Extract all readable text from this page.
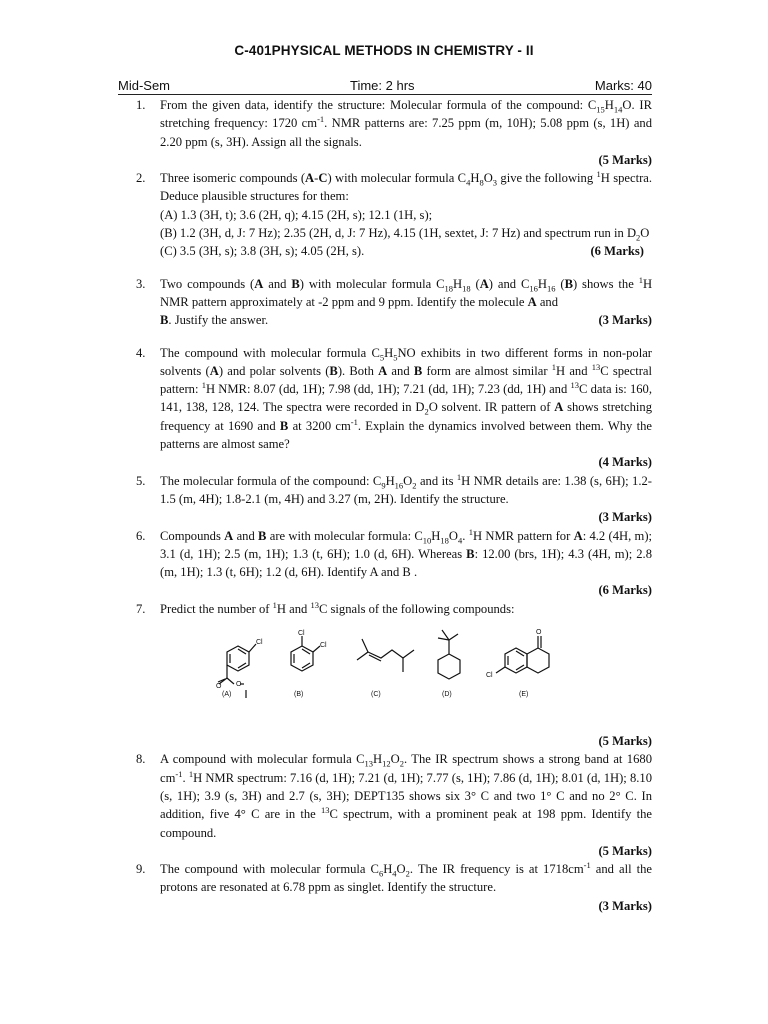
C-401PHYSICAL METHODS IN CHEMISTRY - II
Mid-Sem	Time: 2 hrs	Marks: 40
1.	From the given data, identify the structure: Molecular formula of the compound: $C_{15}H_{14}O$. IR stretching frequency: 1720 $cm^{-1}$. NMR patterns are: 7.25 ppm (m, 10H); 5.08 ppm (s, 1H) and 2.20 ppm (s, 3H). Assign all the signals.
(5 Marks)
2.	Three isomeric compounds (A-C) with molecular formula $C_4H_8O_3$ give the following $^1$H spectra. Deduce plausible structures for them:
(A) 1.3 (3H, t); 3.6 (2H, q); 4.15 (2H, s); 12.1 (1H, s);
(B) 1.2 (3H, d, J: 7 Hz); 2.35 (2H, d, J: 7 Hz), 4.15 (1H, sextet, J: 7 Hz) and spectrum run in $D_2O$
(C) 3.5 (3H, s); 3.8 (3H, s); 4.05 (2H, s).	(6 Marks)
3.	Two compounds (A and B) with molecular formula $C_{18}H_{18}$ (A) and $C_{16}H_{16}$ (B) shows the $^1$H NMR pattern approximately at -2 ppm and 9 ppm. Identify the molecule A and
B. Justify the answer.	(3 Marks)
4.	The compound with molecular formula $C_5H_5NO$ exhibits in two different forms in non-polar solvents (A) and polar solvents (B). Both A and B form are almost similar $^1$H and $^{13}$C spectral pattern: $^1$H NMR: 8.07 (dd, 1H); 7.98 (dd, 1H); 7.21 (dd, 1H); 7.23 (dd, 1H) and $^{13}$C data is: 160, 141, 138, 128, 124. The spectra were recorded in $D_2O$ solvent. IR pattern of A shows stretching frequency at 1690 and B at 3200 $cm^{-1}$. Explain the dynamics involved between them. Why the patterns are almost same?
(4 Marks)
5.	The molecular formula of the compound: $C_9H_{16}O_2$ and its $^1$H NMR details are: 1.38 (s, 6H); 1.2-1.5 (m, 4H); 1.8-2.1 (m, 4H) and 3.27 (m, 2H). Identify the structure.
(3 Marks)
6.	Compounds A and B are with molecular formula: $C_{10}H_{18}O_4$. $^1$H NMR pattern for A: 4.2 (4H, m); 3.1 (d, 1H); 2.5 (m, 1H); 1.3 (t, 6H); 1.0 (d, 6H). Whereas B: 12.00 (brs, 1H); 4.3 (4H, m); 2.8 (m, 1H); 1.3 (t, 6H); 1.2 (d, 6H). Identify A and B .
(6 Marks)
7.	Predict the number of $^1$H and $^{13}$C signals of the following compounds:
Cl
O
O
Cl
Cl
O
Cl
(A)	(B)	(C)	(D)	(E)
(5 Marks)
8.	A compound with molecular formula $C_{13}H_{12}O_2$. The IR spectrum shows a strong band at 1680 $cm^{-1}$. $^1$H NMR spectrum: 7.16 (d, 1H); 7.21 (d, 1H); 7.77 (s, 1H); 7.86 (d, 1H); 8.01 (d, 1H); 8.10 (s, 1H); 3.9 (s, 3H) and 2.7 (s, 3H); DEPT135 shows six 3° C and two 1° C and no 2° C. In addition, five 4° C are in the $^{13}$C spectrum, with a prominent peak at 198 ppm. Identify the compound.
(5 Marks)
9.	The compound with molecular formula $C_6H_4O_2$. The IR frequency is at $1718cm^{-1}$ and all the protons are resonated at 6.78 ppm as singlet. Identify the structure.
(3 Marks)
